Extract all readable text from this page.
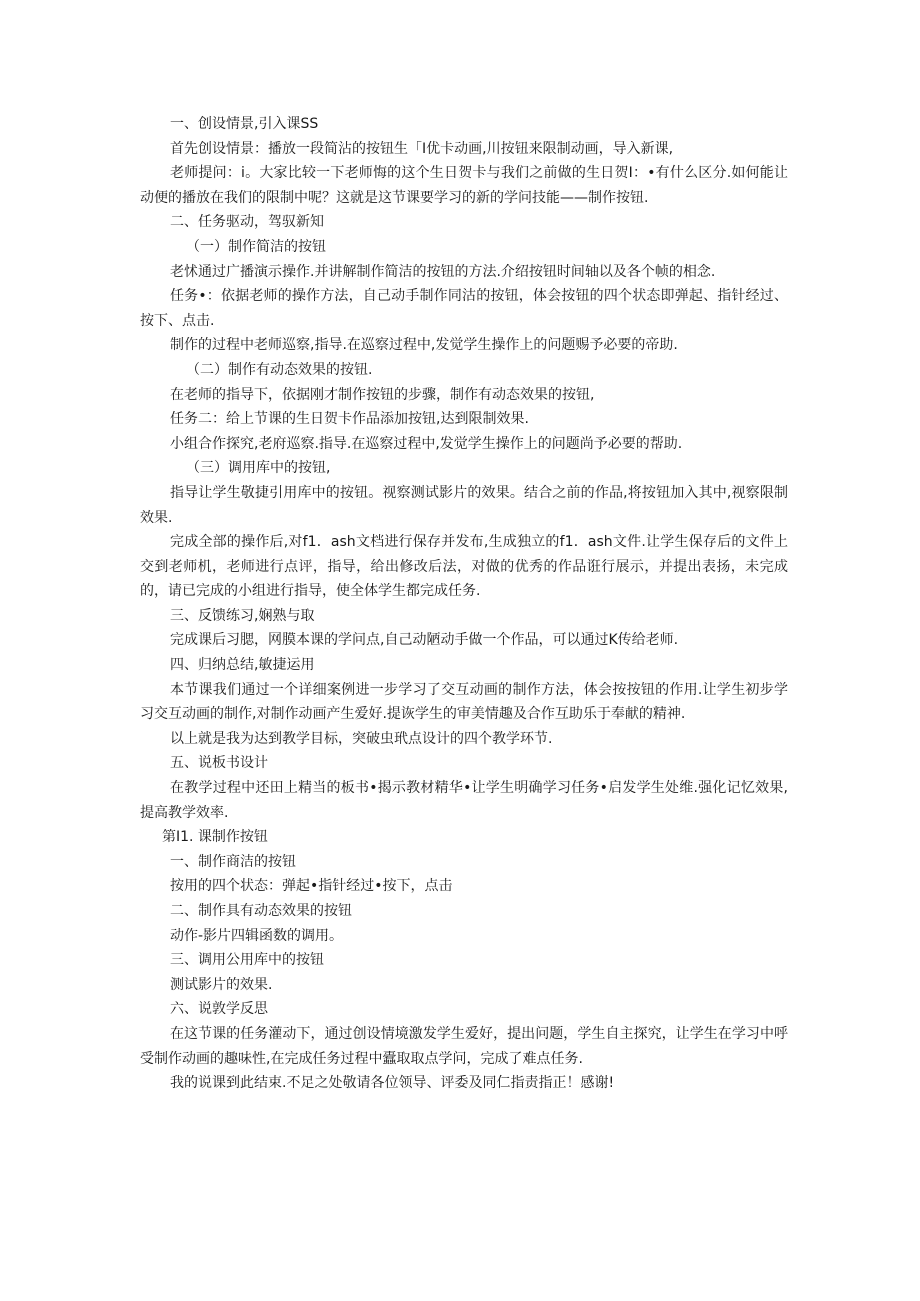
一、创设情景,引入课SS

首先创设情景：播放一段简沾的按钮生「I优卡动画,川按钮来限制动画，导入新课,

老师提问：i。大家比较一下老师悔的这个生日贺卡与我们之前做的生日贺I：•有什么区分.如何能让动便的播放在我们的限制中呢？这就是这节课要学习的新的学问技能——制作按钮.

二、任务驱动，驾驭新知

（一）制作简洁的按钮

老怵通过广播演示操作.并讲解制作简洁的按钮的方法.介绍按钮时间轴以及各个帧的相念.

任务•：依据老师的操作方法，自己动手制作同沽的按钮，体会按钮的四个状态即弹起、指针经过、按下、点击.

制作的过程中老师巡察,指导.在巡察过程中,发觉学生操作上的问题赐予必要的帝助.

（二）制作有动态效果的按钮.

在老师的指导下，依据刚才制作按钮的步骤，制作有动态效果的按钮,

任务二：给上节课的生日贺卡作品添加按钮,达到限制效果.

小组合作探究,老府巡察.指导.在巡察过程中,发觉学生操作上的问题尚予必要的帮助.

（三）调用库中的按钮,

指导让学生敬捷引用库中的按钮。视察测试影片的效果。结合之前的作品,将按钮加入其中,视察限制效果.

完成全部的操作后,对f1．ash文档进行保存并发布,生成独立的f1．ash文件.让学生保存后的文件上交到老师机，老师进行点评，指导，给出修改后法，对做的优秀的作品诳行展示，并提出表扬，未完成的，请已完成的小组进行指导，使全体学生都完成任务.

三、反馈练习,娴熟与取

完成课后习腮，网膜本课的学问点,自己动陋动手做一个作品，可以通过K传给老师.

四、归纳总结,敏捷运用

本节课我们通过一个详细案例进一步学习了交互动画的制作方法，体会按按钮的作用.让学生初步学习交互动画的制作,对制作动画产生爱好.提诙学生的审美情趣及合作互助乐于奉献的精神.

以上就是我为达到教学目标，突破虫玳点设计的四个教学环节.

五、说板书设计

在教学过程中还田上精当的板书•揭示教材精华•让学生明确学习任务•启发学生处维.强化记忆效果,提高教学效率.

第I1. 课制作按钮

一、制作商洁的按钮

按用的四个状态：弹起•指针经过•按下，点击

二、制作具有动态效果的按钮

动作-影片四辑函数的调用。

三、调用公用库中的按钮

测试影片的效果.

六、说敦学反思

在这节课的任务灌动下，通过创设情境激发学生爱好，提出问题，学生自主探究，让学生在学习中呼受制作动画的趣味性,在完成任务过程中蠹取取点学问，完成了难点任务.

我的说课到此结束.不足之处敬请各位领导、评委及同仁指责指正！感谢!
